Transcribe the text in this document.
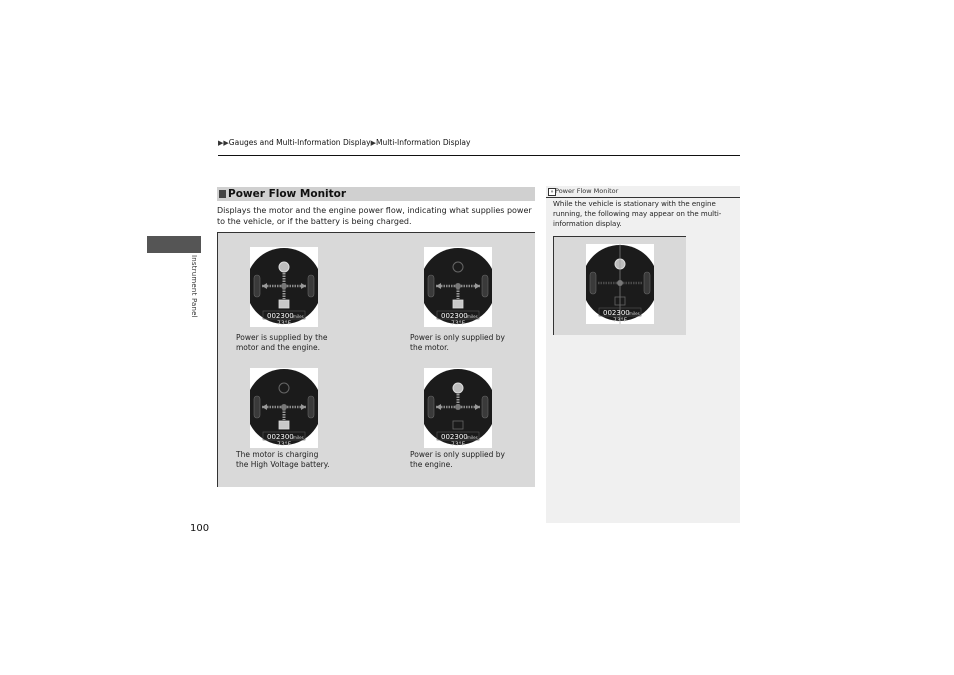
▶▶Gauges and Multi-Information Display▶Multi-Information Display
Instrument Panel
Power Flow Monitor
Displays the motor and the engine power flow, indicating what supplies power to the vehicle, or if the battery is being charged.
002300 miles
73°F
Power is supplied by the
motor and the engine.
002300 miles
73°F
Power is only supplied by
the motor.
002300 miles
73°F
The motor is charging
the High Voltage battery.
002300 miles
73°F
Power is only supplied by
the engine.
» Power Flow Monitor
While the vehicle is stationary with the engine running, the following may appear on the multi-information display.
002300 miles
73°F
100
